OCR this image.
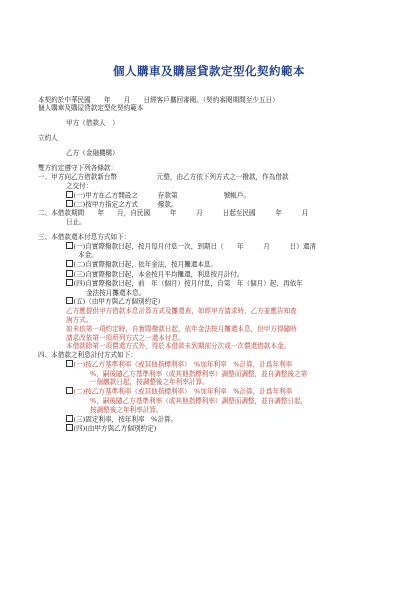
個人購車及購屋貸款定型化契約範本
本契約於中華民國　　年　　月　　日經客戶攜回審閱。（契約審閱期間至少五日）
個人購車及購屋貸款定型化契約範本
甲方（借款人　）
立約人
乙方（金融機構）
雙方約定遵守下列各條款：
一、甲方向乙方借款新台幣　　　　　　元整，由乙方依下列方式之一撥款，作為借款
之交付：
(一)甲方在乙方開設之　　　存款第　　　　　　　號帳戶。
(二)按甲方指定之方式　　　撥款。
二、本借款期間　　年　　月，自民國　　　年　　　月　　　日起至民國　　　年　　　月
日止。
三、本借款還本付息方式如下：
(一)自實際撥款日起，按月每月付息一次，到期日（　　年　　　月　　　日）還清
本金。
(二)自實際撥款日起，依年金法，按月攤還本息。
(三)自實際撥款日起，本金按月平均攤還，利息按月計付。
(四)自實際撥款日起，前　年（個月）按月付息，自第　年（個月）起，再依年
金法按月攤還本息。
(五)（由甲方與乙方個別約定）
乙方應提供甲方借款本息計算方式及攤還表，如經甲方請求時，乙方並應告知查
詢方式。
如未依第一項約定時，自實際撥款日起，依年金法按月攤還本息，但甲方得隨時
請求改依第一項所列方式之一還本付息。
本借款除第一項償還方式外，得於本借款未到期前分次或一次償還借款本金。
四、本借款之利息計付方式如下：
(一)按乙方基準利率（或其他指標利率）　%加年利率　%計算，計爲年利率
%，嗣後隨乙方基準利率（或其他指標利率）調整而調整，並自調整後之第
一個繳款日起，按調整後之年利率計算。
(二)按乙方基準利率（或其他指標利率）　%加年利率　%計算，計爲年利率
%，嗣後隨乙方基準利率（或其他指標利率）調整而調整，並自調整日起，
按調整後之年利率計算。
(三)固定利率，按年利率　%計算。
(四)(由甲方與乙方個別約定)
